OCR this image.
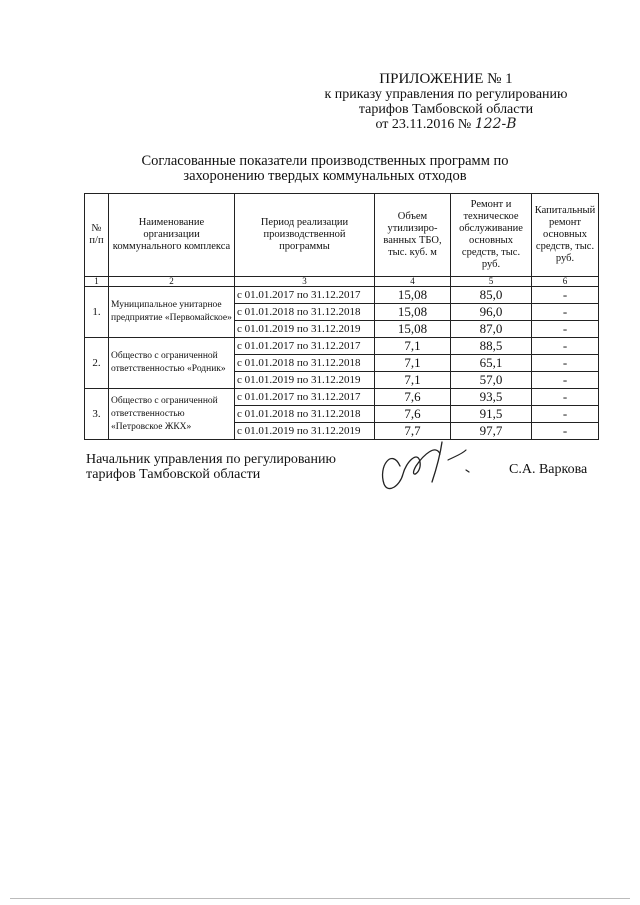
ПРИЛОЖЕНИЕ № 1
к приказу управления по регулированию
тарифов Тамбовской области
от 23.11.2016 № 122-В
Согласованные показатели производственных программ по
захоронению твердых коммунальных отходов
№ п/п	Наименование организации коммунального комплекса	Период реализации производственной программы	Объем утилизиро-ванных ТБО, тыс. куб. м	Ремонт и техническое обслуживание основных средств, тыс. руб.	Капитальный ремонт основных средств, тыс. руб.
1	2	3	4	5	6
1.	Муниципальное унитарное предприятие «Первомайское»	с 01.01.2017 по 31.12.2017	15,08	85,0	-
		с 01.01.2018 по 31.12.2018	15,08	96,0	-
		с 01.01.2019 по 31.12.2019	15,08	87,0	-
2.	Общество с ограниченной ответственностью «Родник»	с 01.01.2017 по 31.12.2017	7,1	88,5	-
		с 01.01.2018 по 31.12.2018	7,1	65,1	-
		с 01.01.2019 по 31.12.2019	7,1	57,0	-
3.	Общество с ограниченной ответственностью «Петровское ЖКХ»	с 01.01.2017 по 31.12.2017	7,6	93,5	-
		с 01.01.2018 по 31.12.2018	7,6	91,5	-
		с 01.01.2019 по 31.12.2019	7,7	97,7	-
Начальник управления по регулированию
тарифов Тамбовской области	С.А. Варкова
